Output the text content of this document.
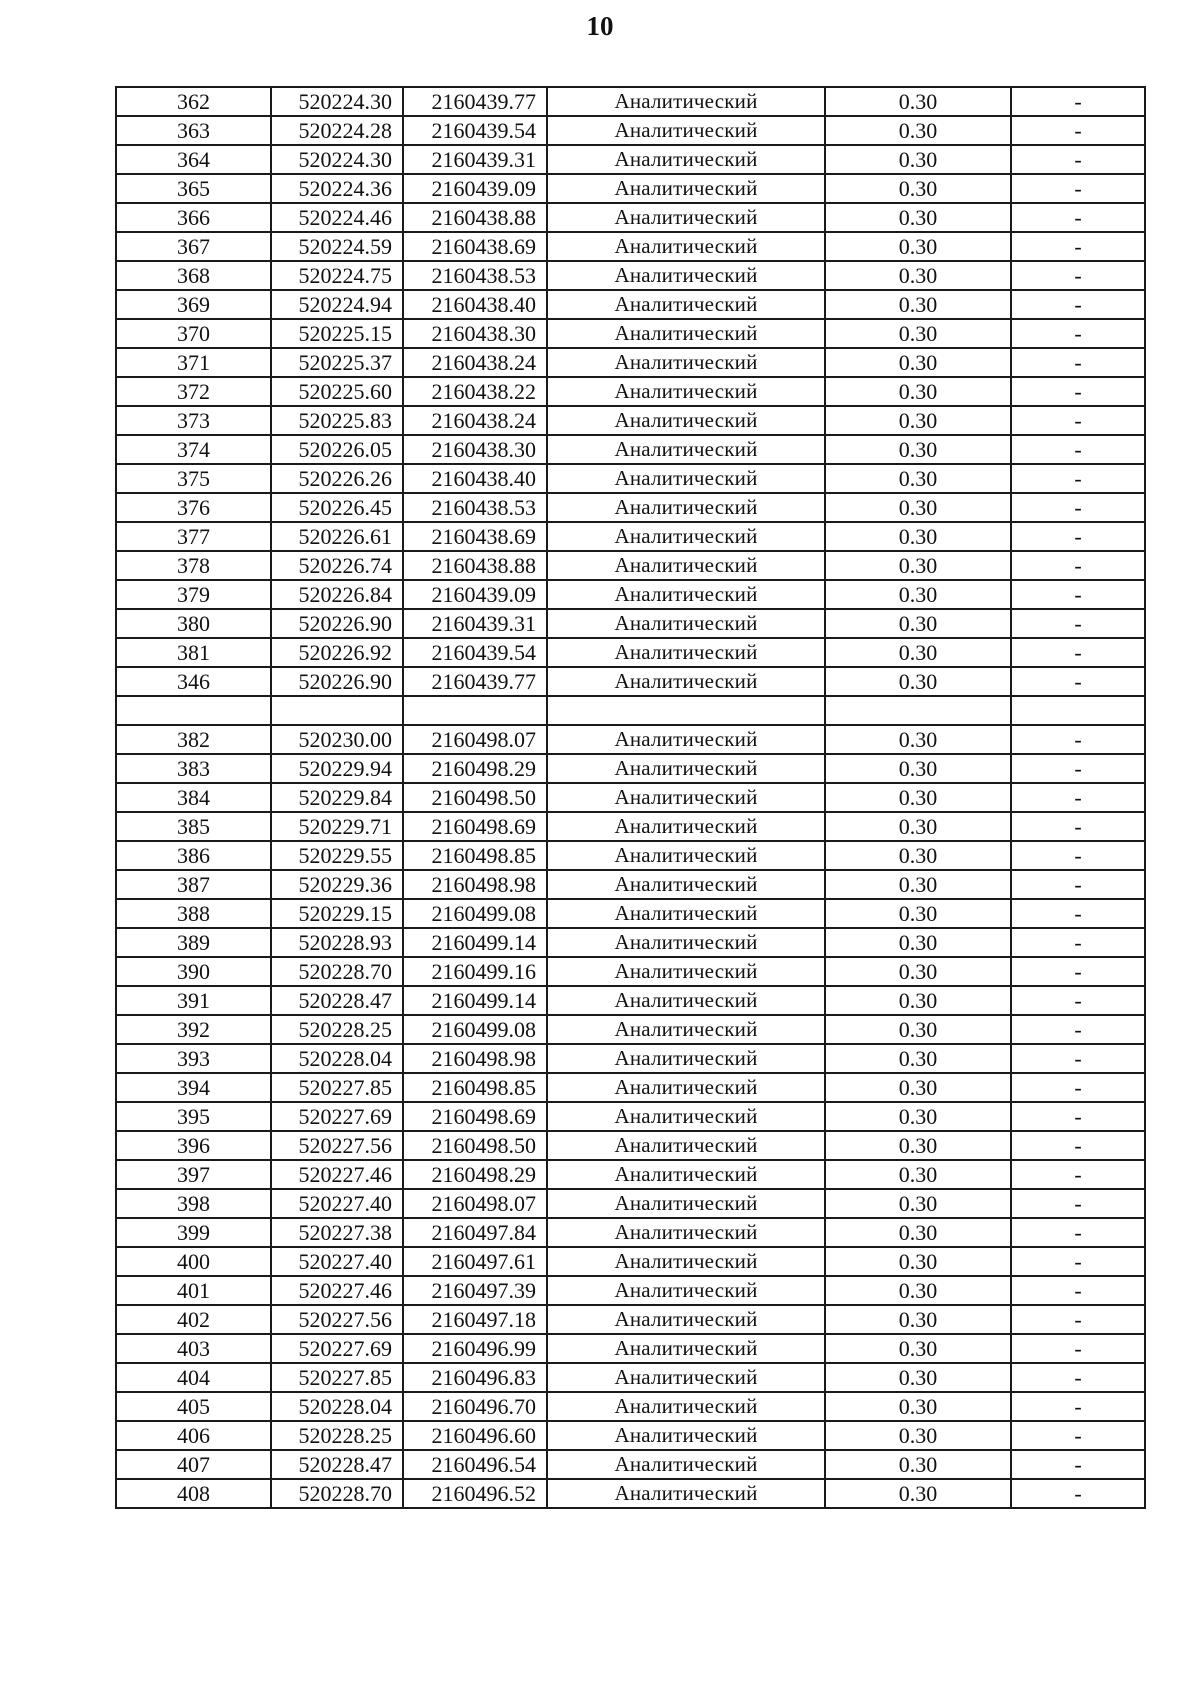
10
362	520224.30	2160439.77	Аналитический	0.30	-
363	520224.28	2160439.54	Аналитический	0.30	-
364	520224.30	2160439.31	Аналитический	0.30	-
365	520224.36	2160439.09	Аналитический	0.30	-
366	520224.46	2160438.88	Аналитический	0.30	-
367	520224.59	2160438.69	Аналитический	0.30	-
368	520224.75	2160438.53	Аналитический	0.30	-
369	520224.94	2160438.40	Аналитический	0.30	-
370	520225.15	2160438.30	Аналитический	0.30	-
371	520225.37	2160438.24	Аналитический	0.30	-
372	520225.60	2160438.22	Аналитический	0.30	-
373	520225.83	2160438.24	Аналитический	0.30	-
374	520226.05	2160438.30	Аналитический	0.30	-
375	520226.26	2160438.40	Аналитический	0.30	-
376	520226.45	2160438.53	Аналитический	0.30	-
377	520226.61	2160438.69	Аналитический	0.30	-
378	520226.74	2160438.88	Аналитический	0.30	-
379	520226.84	2160439.09	Аналитический	0.30	-
380	520226.90	2160439.31	Аналитический	0.30	-
381	520226.92	2160439.54	Аналитический	0.30	-
346	520226.90	2160439.77	Аналитический	0.30	-

382	520230.00	2160498.07	Аналитический	0.30	-
383	520229.94	2160498.29	Аналитический	0.30	-
384	520229.84	2160498.50	Аналитический	0.30	-
385	520229.71	2160498.69	Аналитический	0.30	-
386	520229.55	2160498.85	Аналитический	0.30	-
387	520229.36	2160498.98	Аналитический	0.30	-
388	520229.15	2160499.08	Аналитический	0.30	-
389	520228.93	2160499.14	Аналитический	0.30	-
390	520228.70	2160499.16	Аналитический	0.30	-
391	520228.47	2160499.14	Аналитический	0.30	-
392	520228.25	2160499.08	Аналитический	0.30	-
393	520228.04	2160498.98	Аналитический	0.30	-
394	520227.85	2160498.85	Аналитический	0.30	-
395	520227.69	2160498.69	Аналитический	0.30	-
396	520227.56	2160498.50	Аналитический	0.30	-
397	520227.46	2160498.29	Аналитический	0.30	-
398	520227.40	2160498.07	Аналитический	0.30	-
399	520227.38	2160497.84	Аналитический	0.30	-
400	520227.40	2160497.61	Аналитический	0.30	-
401	520227.46	2160497.39	Аналитический	0.30	-
402	520227.56	2160497.18	Аналитический	0.30	-
403	520227.69	2160496.99	Аналитический	0.30	-
404	520227.85	2160496.83	Аналитический	0.30	-
405	520228.04	2160496.70	Аналитический	0.30	-
406	520228.25	2160496.60	Аналитический	0.30	-
407	520228.47	2160496.54	Аналитический	0.30	-
408	520228.70	2160496.52	Аналитический	0.30	-
